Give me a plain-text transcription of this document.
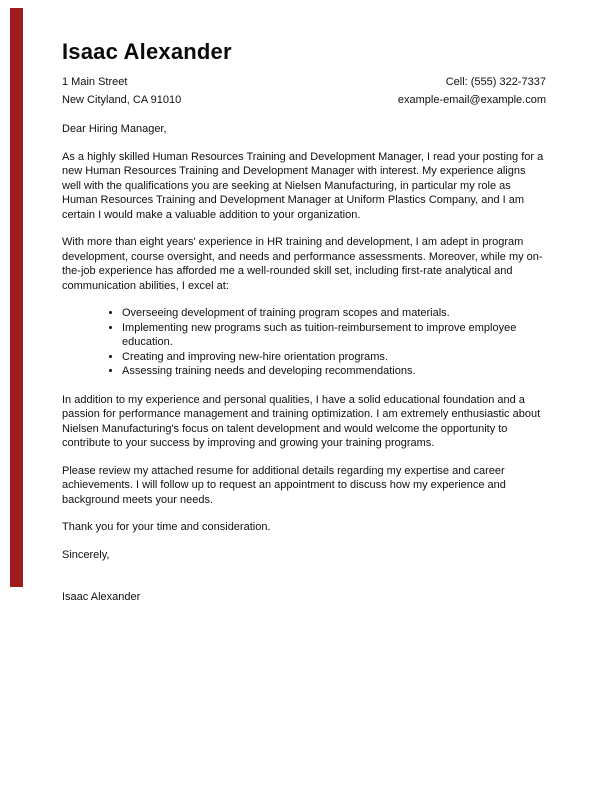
Isaac Alexander
1 Main Street
New Cityland, CA 91010
Cell: (555) 322-7337
example-email@example.com
Dear Hiring Manager,

As a highly skilled Human Resources Training and Development Manager, I read your posting for a new Human Resources Training and Development Manager with interest. My experience aligns well with the qualifications you are seeking at Nielsen Manufacturing, in particular my role as Human Resources Training and Development Manager at Uniform Plastics Company, and I am certain I would make a valuable addition to your organization.

With more than eight years' experience in HR training and development, I am adept in program development, course oversight, and needs and performance assessments. Moreover, while my on-the-job experience has afforded me a well-rounded skill set, including first-rate analytical and communication abilities, I excel at:

• Overseeing development of training program scopes and materials.
• Implementing new programs such as tuition-reimbursement to improve employee education.
• Creating and improving new-hire orientation programs.
• Assessing training needs and developing recommendations.

In addition to my experience and personal qualities, I have a solid educational foundation and a passion for performance management and training optimization. I am extremely enthusiastic about Nielsen Manufacturing's focus on talent development and would welcome the opportunity to contribute to your success by improving and growing your training programs.

Please review my attached resume for additional details regarding my expertise and career achievements. I will follow up to request an appointment to discuss how my experience and background meets your needs.

Thank you for your time and consideration.

Sincerely,

Isaac Alexander
